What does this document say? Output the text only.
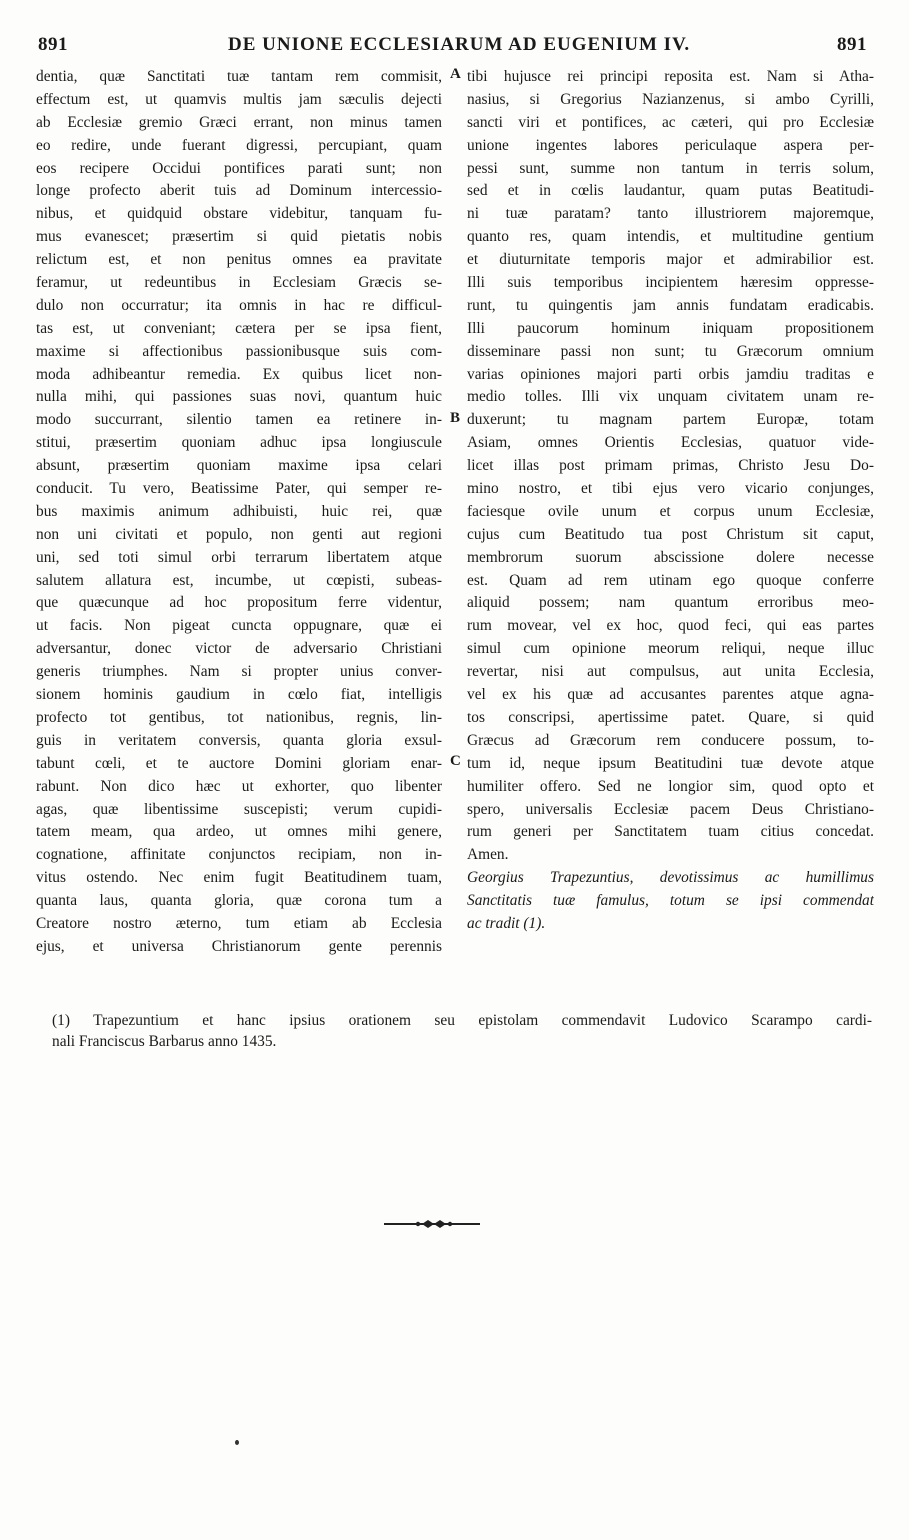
891	DE UNIONE ECCLESIARUM AD EUGENIUM IV.	891
dentia, quæ Sanctitati tuæ tantam rem commisit,
effectum est, ut quamvis multis jam sæculis dejecti
ab Ecclesiæ gremio Græci errant, non minus tamen
eo redire, unde fuerant digressi, percupiant, quam
eos recipere Occidui pontifices parati sunt; non
longe profecto aberit tuis ad Dominum intercessio-
nibus, et quidquid obstare videbitur, tanquam fu-
mus evanescet; præsertim si quid pietatis nobis
relictum est, et non penitus omnes ea pravitate
feramur, ut redeuntibus in Ecclesiam Græcis se-
dulo non occurratur; ita omnis in hac re difficul-
tas est, ut conveniant; cætera per se ipsa fient,
maxime si affectionibus passionibusque suis com-
moda adhibeantur remedia. Ex quibus licet non-
nulla mihi, qui passiones suas novi, quantum huic
modo succurrant, silentio tamen ea retinere in-
stitui, præsertim quoniam adhuc ipsa longiuscule
absunt, præsertim quoniam maxime ipsa celari
conducit. Tu vero, Beatissime Pater, qui semper re-
bus maximis animum adhibuisti, huic rei, quæ
non uni civitati et populo, non genti aut regioni
uni, sed toti simul orbi terrarum libertatem atque
salutem allatura est, incumbe, ut cœpisti, subeas-
que quæcunque ad hoc propositum ferre videntur,
ut facis. Non pigeat cuncta oppugnare, quæ ei
adversantur, donec victor de adversario Christiani
generis triumphes. Nam si propter unius conver-
sionem hominis gaudium in cœlo fiat, intelligis
profecto tot gentibus, tot nationibus, regnis, lin-
guis in veritatem conversis, quanta gloria exsul-
tabunt cœli, et te auctore Domini gloriam enar-
rabunt. Non dico hæc ut exhorter, quo libenter
agas, quæ libentissime suscepisti; verum cupidi-
tatem meam, qua ardeo, ut omnes mihi genere,
cognatione, affinitate conjunctos recipiam, non in-
vitus ostendo. Nec enim fugit Beatitudinem tuam,
quanta laus, quanta gloria, quæ corona tum a
Creatore nostro æterno, tum etiam ab Ecclesia
ejus, et universa Christianorum gente perennis
A
B
C
tibi hujusce rei principi reposita est. Nam si Atha-
nasius, si Gregorius Nazianzenus, si ambo Cyrilli,
sancti viri et pontifices, ac cæteri, qui pro Ecclesiæ
unione ingentes labores periculaque aspera per-
pessi sunt, summe non tantum in terris solum,
sed et in cœlis laudantur, quam putas Beatitudi-
ni tuæ paratam? tanto illustriorem majoremque,
quanto res, quam intendis, et multitudine gentium
et diuturnitate temporis major et admirabilior est.
Illi suis temporibus incipientem hæresim oppresse-
runt, tu quingentis jam annis fundatam eradicabis.
Illi paucorum hominum iniquam propositionem
disseminare passi non sunt; tu Græcorum omnium
varias opiniones majori parti orbis jamdiu traditas e
medio tolles. Illi vix unquam civitatem unam re-
duxerunt; tu magnam partem Europæ, totam
Asiam, omnes Orientis Ecclesias, quatuor vide-
licet illas post primam primas, Christo Jesu Do-
mino nostro, et tibi ejus vero vicario conjunges,
faciesque ovile unum et corpus unum Ecclesiæ,
cujus cum Beatitudo tua post Christum sit caput,
membrorum suorum abscissione dolere necesse
est. Quam ad rem utinam ego quoque conferre
aliquid possem; nam quantum erroribus meo-
rum movear, vel ex hoc, quod feci, qui eas partes
simul cum opinione meorum reliqui, neque illuc
revertar, nisi aut compulsus, aut unita Ecclesia,
vel ex his quæ ad accusantes parentes atque agna-
tos conscripsi, apertissime patet. Quare, si quid
Græcus ad Græcorum rem conducere possum, to-
tum id, neque ipsum Beatitudini tuæ devote atque
humiliter offero. Sed ne longior sim, quod opto et
spero, universalis Ecclesiæ pacem Deus Christiano-
rum generi per Sanctitatem tuam citius concedat.
Amen.
Georgius Trapezuntius, devotissimus ac humillimus
Sanctitatis tuæ famulus, totum se ipsi commendat
ac tradit (1).
(1) Trapezuntium et hanc ipsius orationem seu epistolam commendavit Ludovico Scarampo cardi-
nali Franciscus Barbarus anno 1435.
